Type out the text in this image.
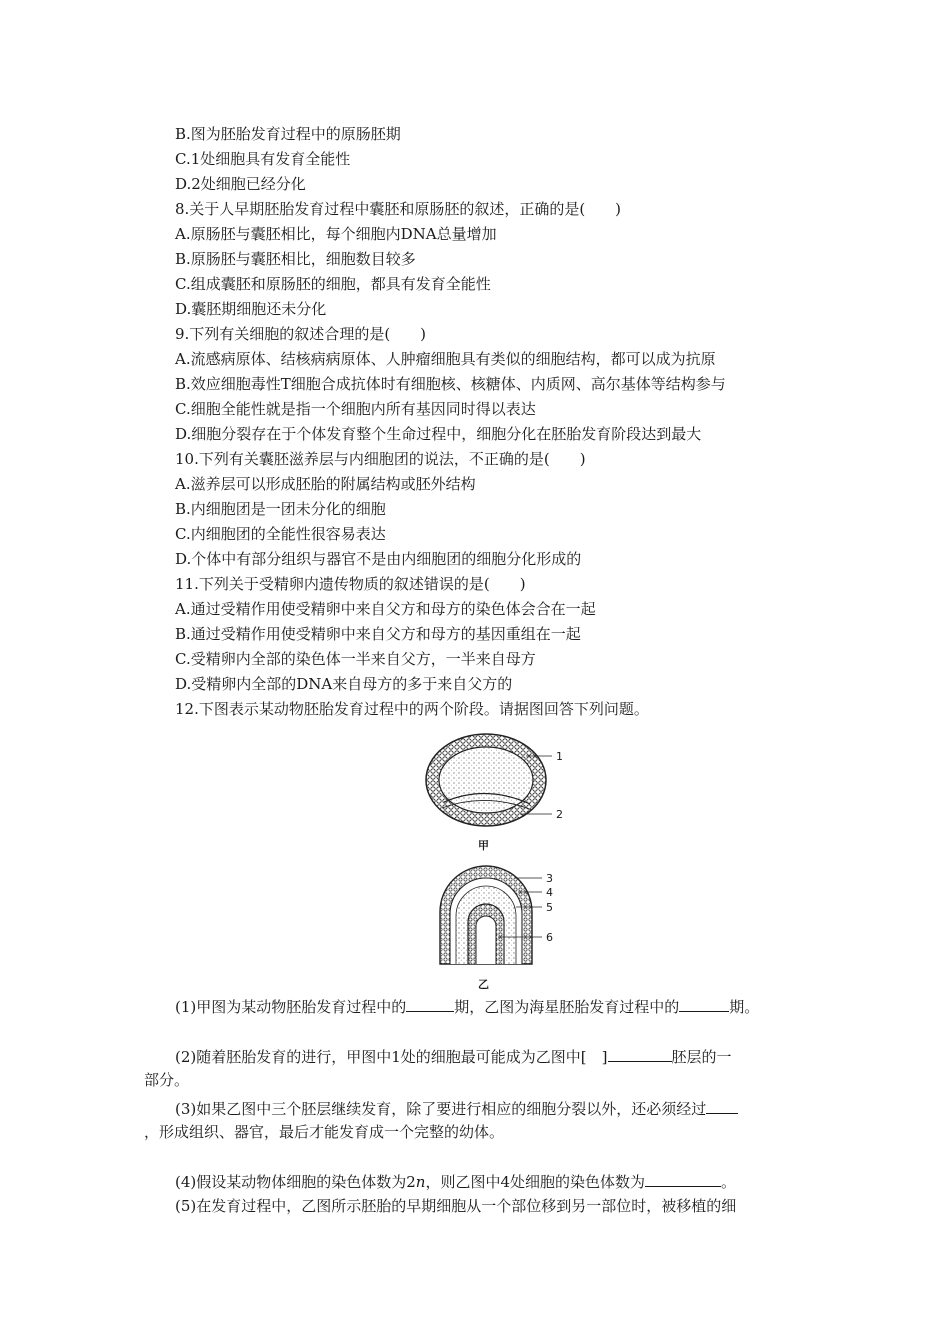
B.图为胚胎发育过程中的原肠胚期
C.1处细胞具有发育全能性
D.2处细胞已经分化
8.关于人早期胚胎发育过程中囊胚和原肠胚的叙述，正确的是(　　)
A.原肠胚与囊胚相比，每个细胞内DNA总量增加
B.原肠胚与囊胚相比，细胞数目较多
C.组成囊胚和原肠胚的细胞，都具有发育全能性
D.囊胚期细胞还未分化
9.下列有关细胞的叙述合理的是(　　)
A.流感病原体、结核病病原体、人肿瘤细胞具有类似的细胞结构，都可以成为抗原
B.效应细胞毒性T细胞合成抗体时有细胞核、核糖体、内质网、高尔基体等结构参与
C.细胞全能性就是指一个细胞内所有基因同时得以表达
D.细胞分裂存在于个体发育整个生命过程中，细胞分化在胚胎发育阶段达到最大
10.下列有关囊胚滋养层与内细胞团的说法，不正确的是(　　)
A.滋养层可以形成胚胎的附属结构或胚外结构
B.内细胞团是一团未分化的细胞
C.内细胞团的全能性很容易表达
D.个体中有部分组织与器官不是由内细胞团的细胞分化形成的
11.下列关于受精卵内遗传物质的叙述错误的是(　　)
A.通过受精作用使受精卵中来自父方和母方的染色体会合在一起
B.通过受精作用使受精卵中来自父方和母方的基因重组在一起
C.受精卵内全部的染色体一半来自父方，一半来自母方
D.受精卵内全部的DNA来自母方的多于来自父方的
12.下图表示某动物胚胎发育过程中的两个阶段。请据图回答下列问题。
1
2
甲
3
4
5
6
乙
(1)甲图为某动物胚胎发育过程中的	期，乙图为海星胚胎发育过程中的	期。
(2)随着胚胎发育的进行，甲图中1处的细胞最可能成为乙图中[　]	胚层的一
部分。
(3)如果乙图中三个胚层继续发育，除了要进行相应的细胞分裂以外，还必须经过
，形成组织、器官，最后才能发育成一个完整的幼体。
(4)假设某动物体细胞的染色体数为2n，则乙图中4处细胞的染色体数为	。
(5)在发育过程中，乙图所示胚胎的早期细胞从一个部位移到另一部位时，被移植的细
